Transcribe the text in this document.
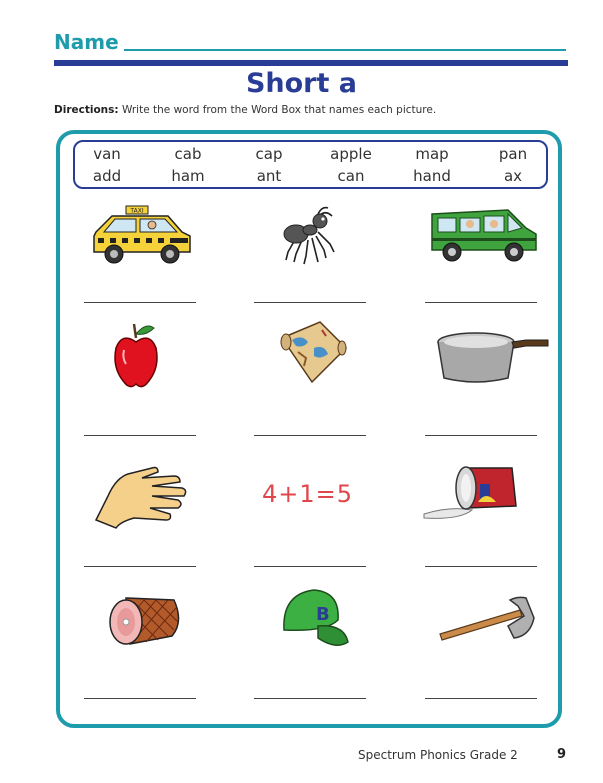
Name
Short a
Directions: Write the word from the Word Box that names each picture.
van	cab	cap	apple	map	pan
add	ham	ant	can	hand	ax
TAXI
4+1=5
B
Spectrum Phonics Grade 2	9
